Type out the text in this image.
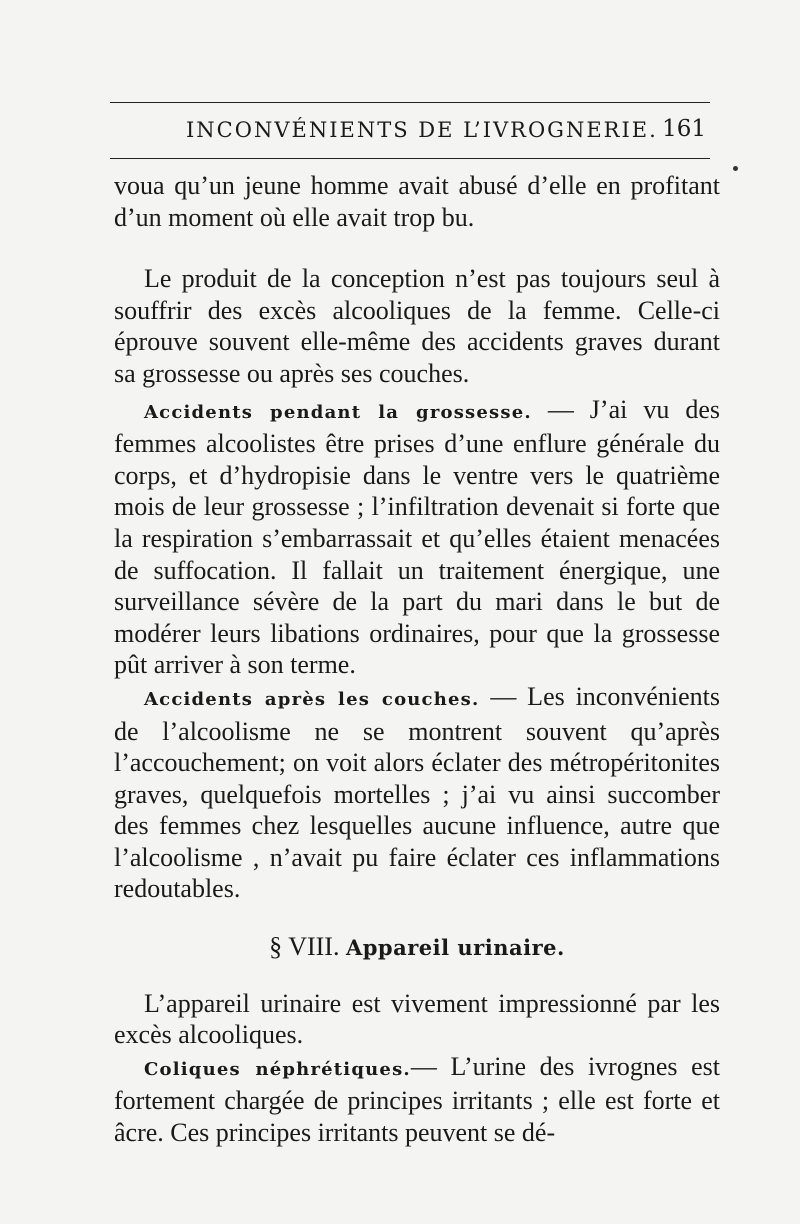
INCONVÉNIENTS DE L’IVROGNERIE. 161

voua qu’un jeune homme avait abusé d’elle en profitant d’un moment où elle avait trop bu.

Le produit de la conception n’est pas toujours seul à souffrir des excès alcooliques de la femme. Celle-ci éprouve souvent elle-même des accidents graves durant sa grossesse ou après ses couches.

Accidents pendant la grossesse. — J’ai vu des femmes alcoolistes être prises d’une enflure générale du corps, et d’hydropisie dans le ventre vers le quatrième mois de leur grossesse ; l’infiltration devenait si forte que la respiration s’embarrassait et qu’elles étaient menacées de suffocation. Il fallait un traitement énergique, une surveillance sévère de la part du mari dans le but de modérer leurs libations ordinaires, pour que la grossesse pût arriver à son terme.

Accidents après les couches. — Les inconvénients de l’alcoolisme ne se montrent souvent qu’après l’accouchement; on voit alors éclater des métropéritonites graves, quelquefois mortelles ; j’ai vu ainsi succomber des femmes chez lesquelles aucune influence, autre que l’alcoolisme , n’avait pu faire éclater ces inflammations redoutables.

§ VIII. Appareil urinaire.

L’appareil urinaire est vivement impressionné par les excès alcooliques.

Coliques néphrétiques.— L’urine des ivrognes est fortement chargée de principes irritants ; elle est forte et âcre. Ces principes irritants peuvent se dé-
